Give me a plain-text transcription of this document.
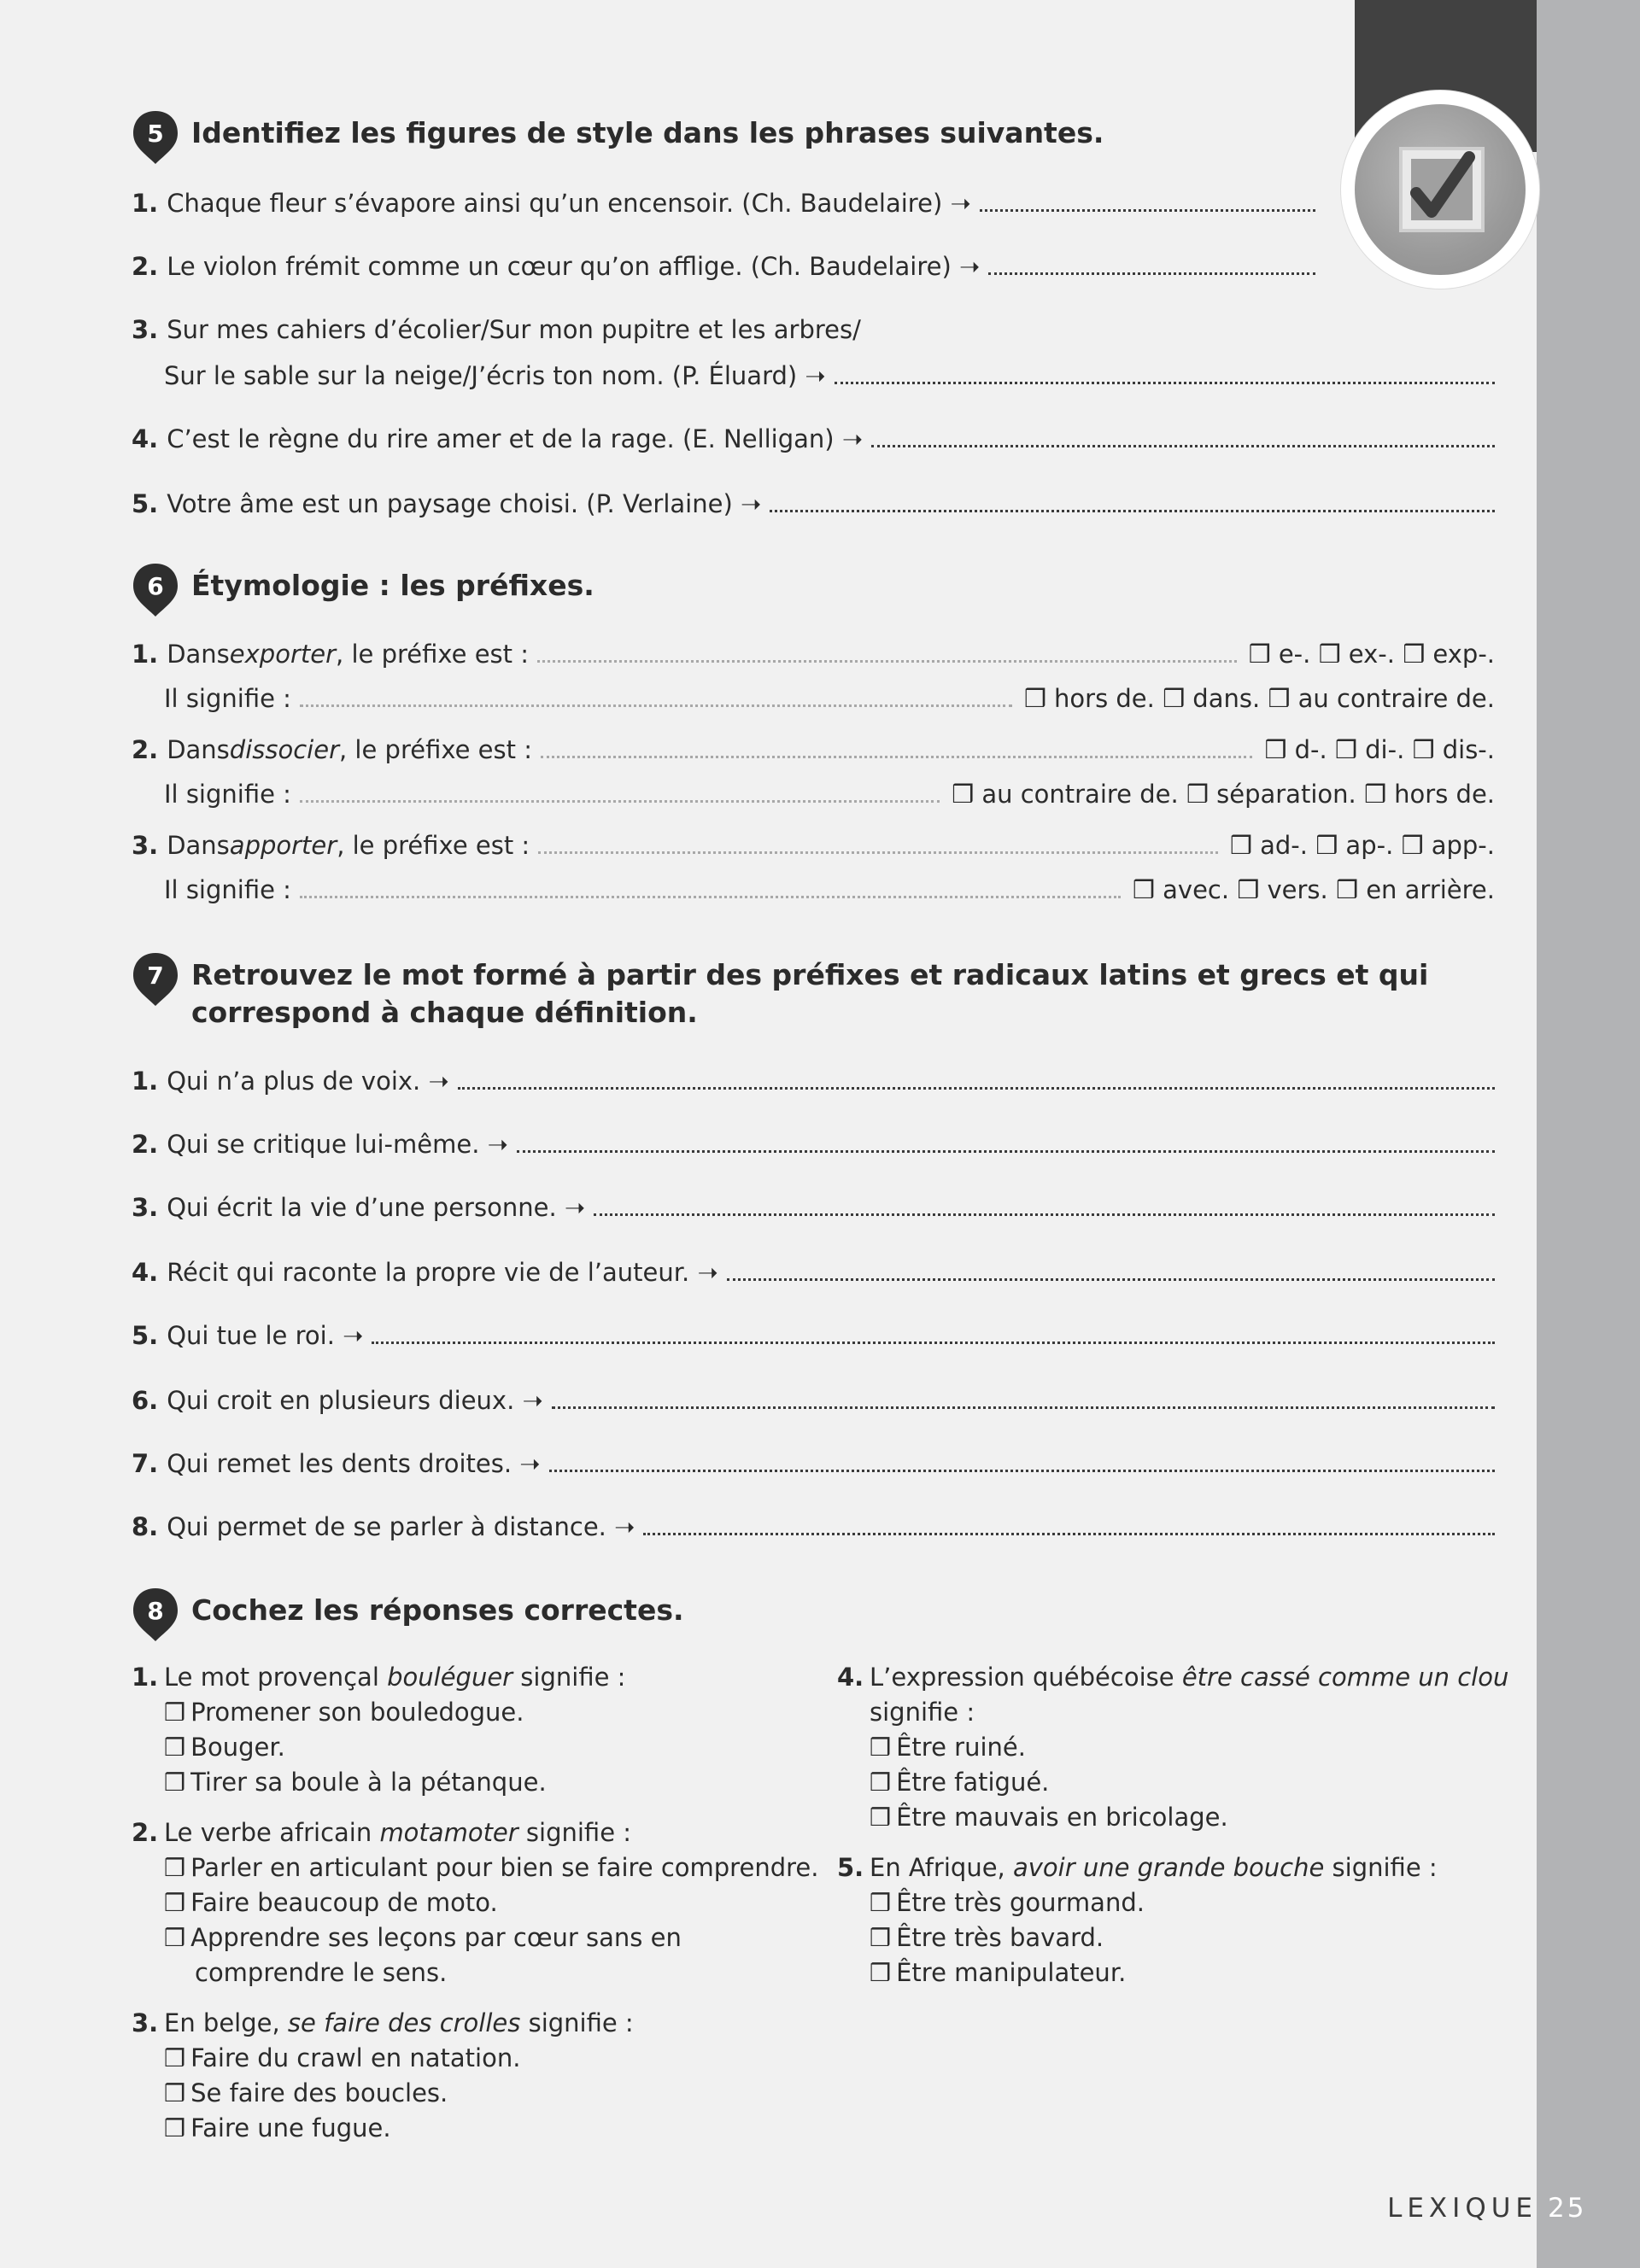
5 Identifiez les figures de style dans les phrases suivantes.
1. Chaque fleur s’évapore ainsi qu’un encensoir. (Ch. Baudelaire) ➝
2. Le violon frémit comme un cœur qu’on afflige. (Ch. Baudelaire) ➝
3. Sur mes cahiers d’écolier/Sur mon pupitre et les arbres/
Sur le sable sur la neige/J’écris ton nom. (P. Éluard) ➝
4. C’est le règne du rire amer et de la rage. (E. Nelligan) ➝
5. Votre âme est un paysage choisi. (P. Verlaine) ➝
6 Étymologie : les préfixes.
1. Dans exporter , le préfixe est :	❒ e-. ❒ ex-. ❒ exp-.
Il signifie :	❒ hors de. ❒ dans. ❒ au contraire de.
2. Dans dissocier , le préfixe est :	❒ d-. ❒ di-. ❒ dis-.
Il signifie :	❒ au contraire de. ❒ séparation. ❒ hors de.
3. Dans apporter , le préfixe est :	❒ ad-. ❒ ap-. ❒ app-.
Il signifie :	❒ avec. ❒ vers. ❒ en arrière.
7 Retrouvez le mot formé à partir des préfixes et radicaux latins et grecs et qui correspond à chaque définition.
1. Qui n’a plus de voix. ➝
2. Qui se critique lui-même. ➝
3. Qui écrit la vie d’une personne. ➝
4. Récit qui raconte la propre vie de l’auteur. ➝
5. Qui tue le roi. ➝
6. Qui croit en plusieurs dieux. ➝
7. Qui remet les dents droites. ➝
8. Qui permet de se parler à distance. ➝
8 Cochez les réponses correctes.
1. Le mot provençal bouléguer signifie :
❒ Promener son bouledogue.
❒ Bouger.
❒ Tirer sa boule à la pétanque.
2. Le verbe africain motamoter signifie :
❒ Parler en articulant pour bien se faire comprendre.
❒ Faire beaucoup de moto.
❒ Apprendre ses leçons par cœur sans en
comprendre le sens.
3. En belge, se faire des crolles signifie :
❒ Faire du crawl en natation.
❒ Se faire des boucles.
❒ Faire une fugue.
4. L’expression québécoise être cassé comme un clou
signifie :
❒ Être ruiné.
❒ Être fatigué.
❒ Être mauvais en bricolage.
5. En Afrique, avoir une grande bouche signifie :
❒ Être très gourmand.
❒ Être très bavard.
❒ Être manipulateur.
LEXIQUE 25
